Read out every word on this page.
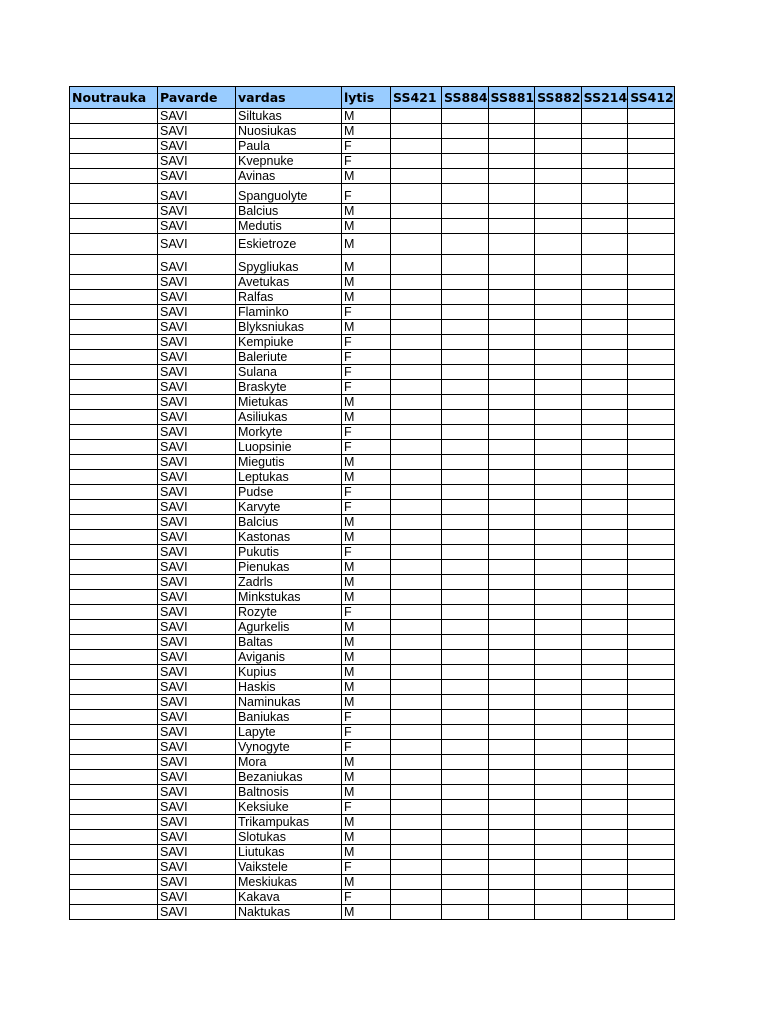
Noutrauka	Pavarde	vardas	lytis	SS421	SS884	SS881	SS882	SS214	SS412
	SAVI	Siltukas	M						
	SAVI	Nuosiukas	M						
	SAVI	Paula	F						
	SAVI	Kvepnuke	F						
	SAVI	Avinas	M						
	SAVI	Spanguolyte	F						
	SAVI	Balcius	M						
	SAVI	Medutis	M						
	SAVI	Eskietroze	M						
	SAVI	Spygliukas	M						
	SAVI	Avetukas	M						
	SAVI	Ralfas	M						
	SAVI	Flaminko	F						
	SAVI	Blyksniukas	M						
	SAVI	Kempiuke	F						
	SAVI	Baleriute	F						
	SAVI	Sulana	F						
	SAVI	Braskyte	F						
	SAVI	Mietukas	M						
	SAVI	Asiliukas	M						
	SAVI	Morkyte	F						
	SAVI	Luopsinie	F						
	SAVI	Miegutis	M						
	SAVI	Leptukas	M						
	SAVI	Pudse	F						
	SAVI	Karvyte	F						
	SAVI	Balcius	M						
	SAVI	Kastonas	M						
	SAVI	Pukutis	F						
	SAVI	Pienukas	M						
	SAVI	Zadrls	M						
	SAVI	Minkstukas	M						
	SAVI	Rozyte	F						
	SAVI	Agurkelis	M						
	SAVI	Baltas	M						
	SAVI	Aviganis	M						
	SAVI	Kupius	M						
	SAVI	Haskis	M						
	SAVI	Naminukas	M						
	SAVI	Baniukas	F						
	SAVI	Lapyte	F						
	SAVI	Vynogyte	F						
	SAVI	Mora	M						
	SAVI	Bezaniukas	M						
	SAVI	Baltnosis	M						
	SAVI	Keksiuke	F						
	SAVI	Trikampukas	M						
	SAVI	Slotukas	M						
	SAVI	Liutukas	M						
	SAVI	Vaikstele	F						
	SAVI	Meskiukas	M						
	SAVI	Kakava	F						
	SAVI	Naktukas	M						
